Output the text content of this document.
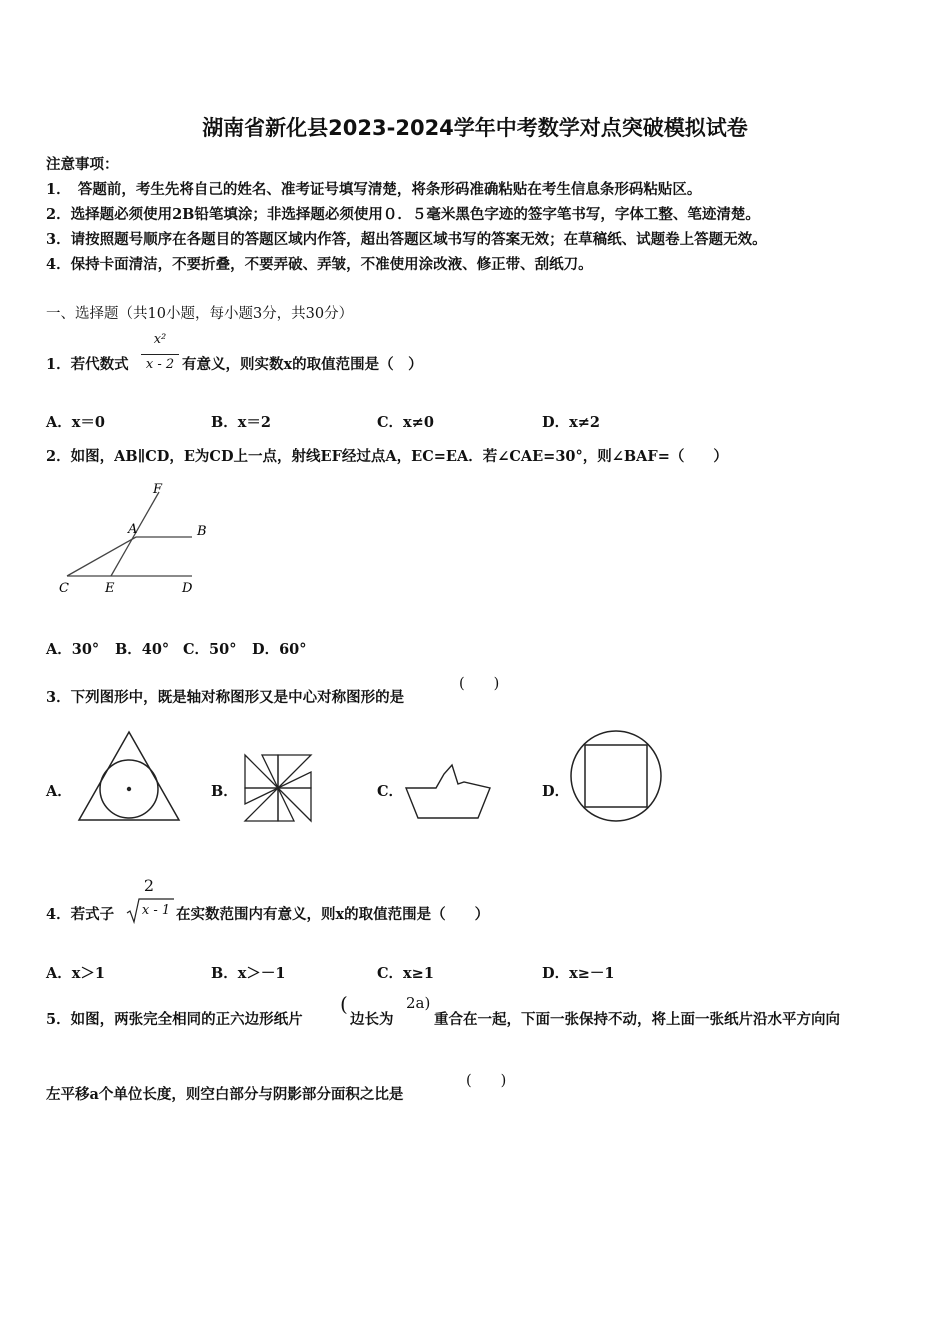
湖南省新化县2023-2024学年中考数学对点突破模拟试卷
注意事项：
1．　答题前，考生先将自己的姓名、准考证号填写清楚，将条形码准确粘贴在考生信息条形码粘贴区。
2．选择题必须使用2B铅笔填涂；非选择题必须使用０．５毫米黑色字迹的签字笔书写，字体工整、笔迹清楚。
3．请按照题号顺序在各题目的答题区域内作答，超出答题区域书写的答案无效；在草稿纸、试题卷上答题无效。
4．保持卡面清洁，不要折叠，不要弄破、弄皱，不准使用涂改液、修正带、刮纸刀。
一、选择题（共10小题，每小题3分，共30分）
1．若代数式
x²
x - 2 有意义，则实数x的取值范围是（　）
A．x＝0	B．x＝2	C．x≠0	D．x≠2
2．如图，AB∥CD，E为CD上一点，射线EF经过点A，EC=EA．若∠CAE=30°，则∠BAF=（　　）
F
A	B
C	E	D
A．30° B．40° C．50° D．60°
3．下列图形中，既是轴对称图形又是中心对称图形的是
(　　)
A．	B．	C．	D．
4．若式子
2
x - 1 在实数范围内有意义，则x的取值范围是（　　）
A．x＞1	B．x＞－1	C．x≥1	D．x≥－1
5．如图，两张完全相同的正六边形纸片
(
边长为
2a)
重合在一起，下面一张保持不动，将上面一张纸片沿水平方向向
左平移a个单位长度，则空白部分与阴影部分面积之比是
(　　)
